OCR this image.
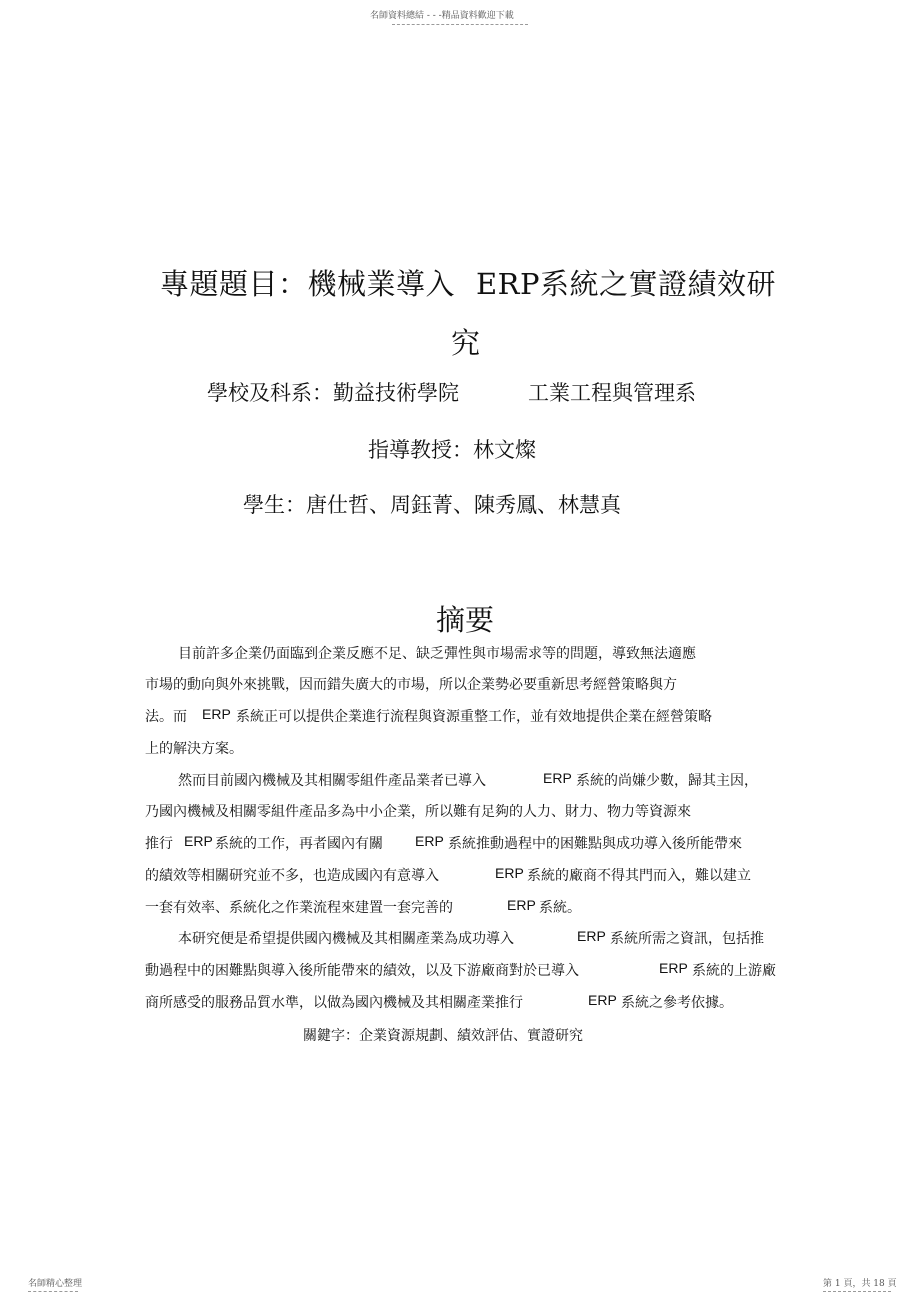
名師資料總結 - - -精品資料歡迎下載
專題題目：機械業導入 ERP系統之實證績效研
究
學校及科系：勤益技術學院	工業工程與管理系
指導教授：林文燦
學生：唐仕哲、周鈺菁、陳秀鳳、林慧真
摘要
目前許多企業仍面臨到企業反應不足、缺乏彈性與市場需求等的問題，導致無法適應
市場的動向與外來挑戰，因而錯失廣大的市場，所以企業勢必要重新思考經營策略與方
法。而 ERP 系統正可以提供企業進行流程與資源重整工作，並有效地提供企業在經營策略
上的解決方案。
然而目前國內機械及其相關零組件產品業者已導入	ERP 系統的尚嫌少數，歸其主因，
乃國內機械及相關零組件產品多為中小企業，所以難有足夠的人力、財力、物力等資源來
推行 ERP 系統的工作，再者國內有關 ERP 系統推動過程中的困難點與成功導入後所能帶來
的績效等相關研究並不多，也造成國內有意導入	ERP 系統的廠商不得其門而入，難以建立
一套有效率、系統化之作業流程來建置一套完善的	ERP 系統。
本研究便是希望提供國內機械及其相關產業為成功導入	ERP 系統所需之資訊，包括推
動過程中的困難點與導入後所能帶來的績效，以及下游廠商對於已導入	ERP 系統的上游廠
商所感受的服務品質水準，以做為國內機械及其相關產業推行	ERP 系統之參考依據。
關鍵字：企業資源規劃、績效評估、實證研究
名師精心整理	第 1 頁，共 18 頁
